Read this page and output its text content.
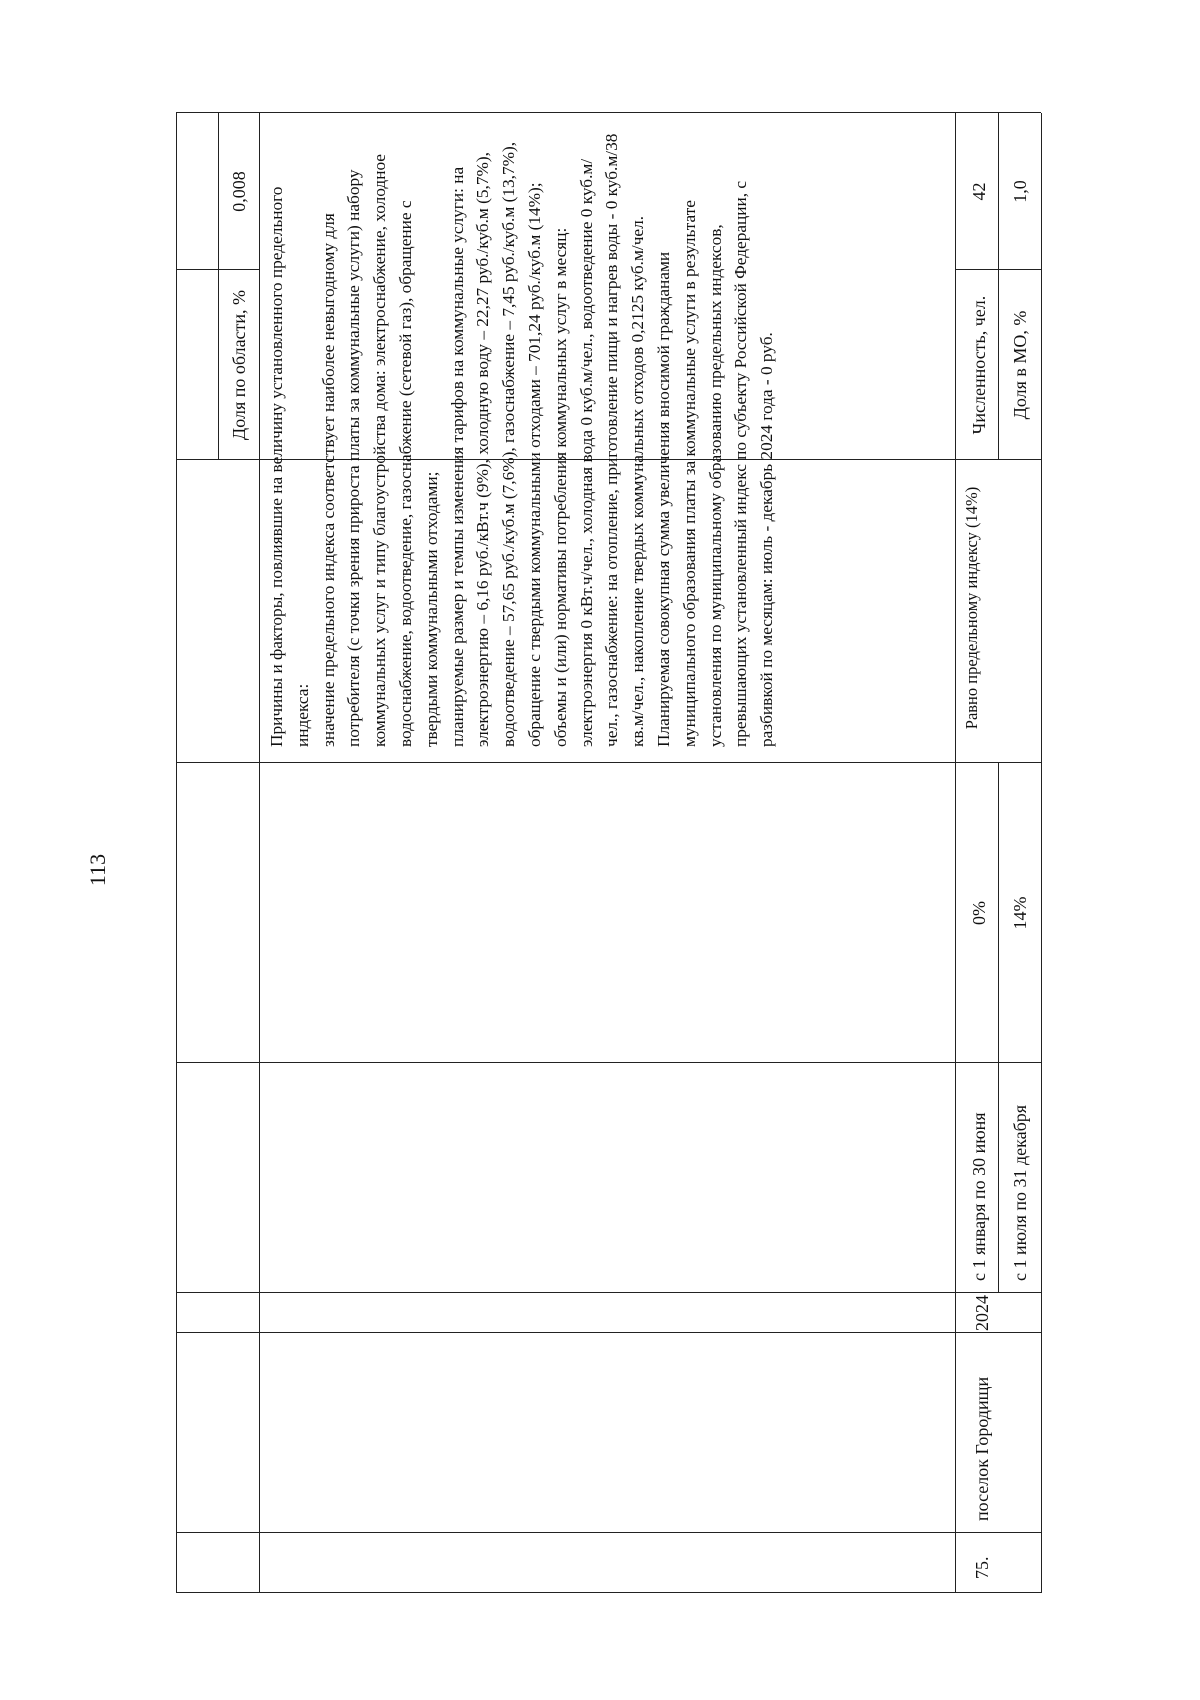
113
Доля по области, %
0,008	Причины и факторы, повлиявшие на величину установленного предельного индекса: значение предельного индекса соответствует наиболее невыгодному для потребителя (с точки зрения прироста платы за коммунальные услуги) набору коммунальных услуг и типу благоустройства дома: электроснабжение, холодное водоснабжение, водоотведение, газоснабжение (сетевой газ), обращение с твердыми коммунальными отходами; планируемые размер и темпы изменения тарифов на коммунальные услуги: на электроэнергию – 6,16 руб./кВт.ч (9%), холодную воду – 22,27 руб./куб.м (5,7%), водоотведение – 57,65 руб./куб.м (7,6%), газоснабжение – 7,45 руб./куб.м (13,7%), обращение с твердыми коммунальными отходами – 701,24 руб./куб.м (14%); объемы и (или) нормативы потребления коммунальных услуг в месяц: электроэнергия 0 кВт.ч/чел., холодная вода 0 куб.м/чел., водоотведение 0 куб.м/чел., газоснабжение: на отопление, приготовление пищи и нагрев воды - 0 куб.м/38 кв.м/чел., накопление твердых коммунальных отходов 0,2125 куб.м/чел. Планируемая совокупная сумма увеличения вносимой гражданами муниципального образования платы за коммунальные услуги в результате установления по муниципальному образованию предельных индексов, превышающих установленный индекс по субъекту Российской Федерации, с разбивкой по месяцам: июль - декабрь 2024 года - 0 руб.

75.
поселок Городищи
2024
с 1 января по 30 июня с 1 июля по 31 декабря
0% 14%
Равно предельному индексу (14%)
Численность, чел.
42
Доля в МО, %
1,0
